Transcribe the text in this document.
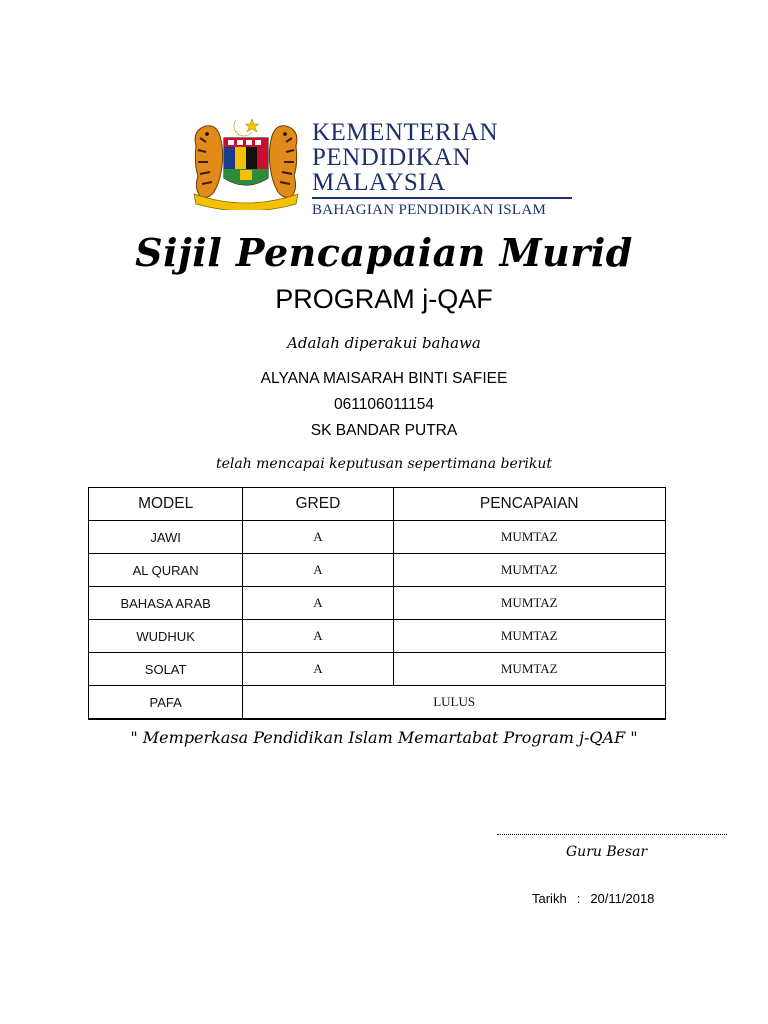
KEMENTERIAN
PENDIDIKAN
MALAYSIA
BAHAGIAN PENDIDIKAN ISLAM
Sijil Pencapaian Murid
PROGRAM j-QAF
Adalah diperakui bahawa
ALYANA MAISARAH BINTI SAFIEE
061106011154
SK BANDAR PUTRA
telah mencapai keputusan sepertimana berikut
MODEL	GRED	PENCAPAIAN
JAWI	A	MUMTAZ
AL QURAN	A	MUMTAZ
BAHASA ARAB	A	MUMTAZ
WUDHUK	A	MUMTAZ
SOLAT	A	MUMTAZ
PAFA	LULUS	
" Memperkasa Pendidikan Islam Memartabat Program j-QAF "
Guru Besar
Tarikh : 20/11/2018
